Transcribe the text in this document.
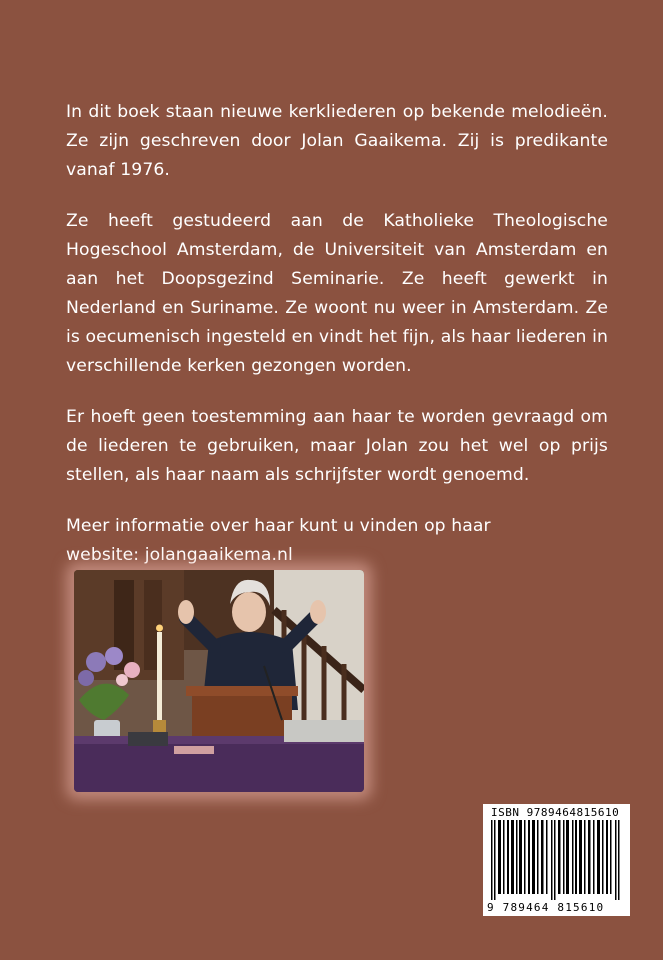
In dit boek staan nieuwe kerkliederen op bekende melodieën. Ze zijn geschreven door Jolan Gaaikema. Zij is predikante vanaf 1976.

Ze heeft gestudeerd aan de Katholieke Theologische Hogeschool Amsterdam, de Universiteit van Amsterdam en aan het Doopsgezind Seminarie. Ze heeft gewerkt in Nederland en Suriname. Ze woont nu weer in Amsterdam. Ze is oecumenisch ingesteld en vindt het fijn, als haar liederen in verschillende kerken gezongen worden.

Er hoeft geen toestemming aan haar te worden gevraagd om de liederen te gebruiken, maar Jolan zou het wel op prijs stellen, als haar naam als schrijfster wordt genoemd.

Meer informatie over haar kunt u vinden op haar
website: jolangaaikema.nl

ISBN 9789464815610
9 789464 815610
